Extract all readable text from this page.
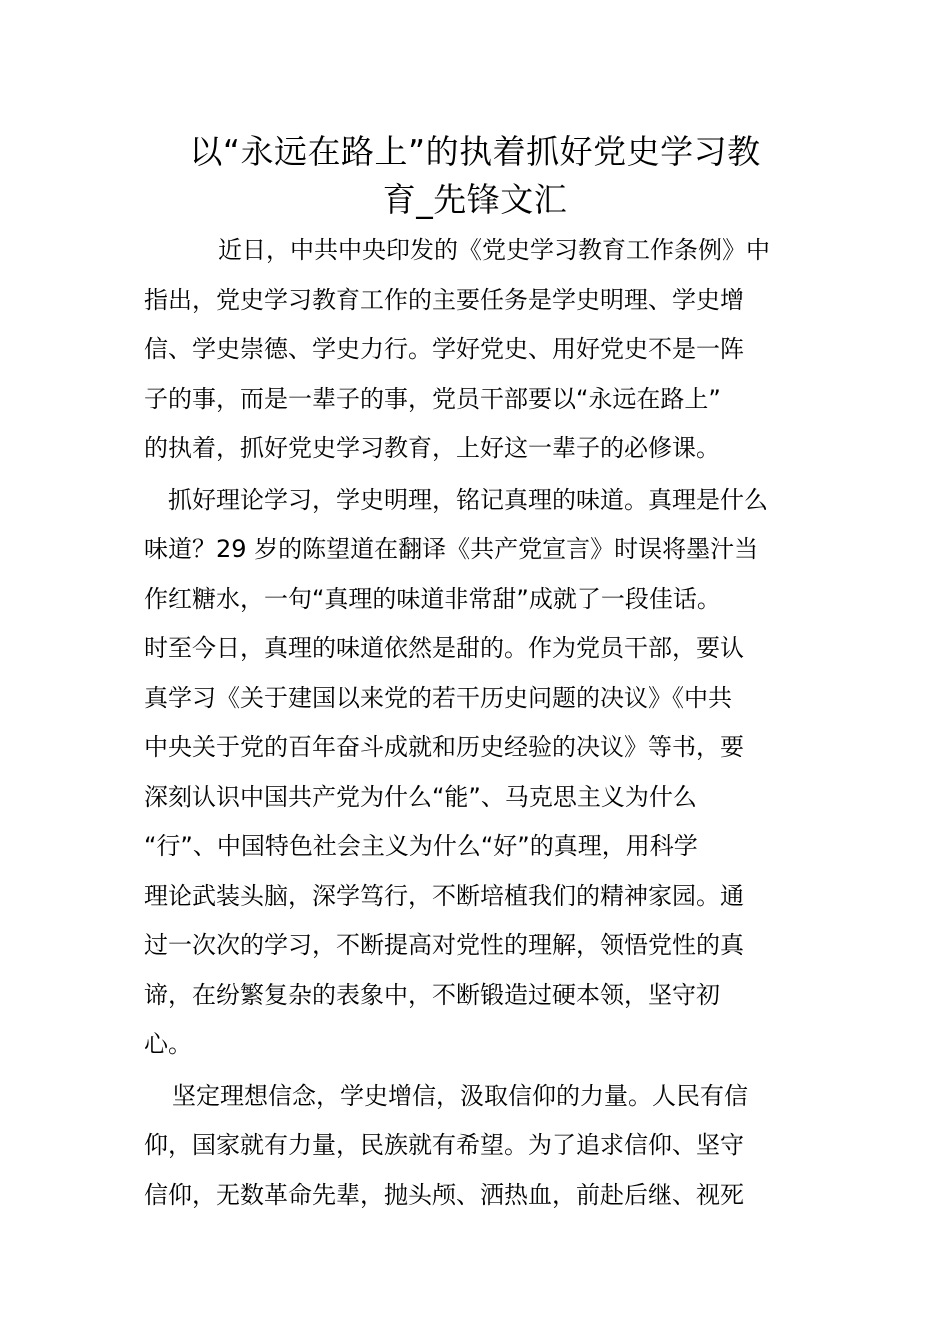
以“永远在路上”的执着抓好党史学习教
育_先锋文汇

近日，中共中央印发的《党史学习教育工作条例》中
指出，党史学习教育工作的主要任务是学史明理、学史增
信、学史崇德、学史力行。学好党史、用好党史不是一阵
子的事，而是一辈子的事，党员干部要以“永远在路上”
的执着，抓好党史学习教育，上好这一辈子的必修课。

抓好理论学习，学史明理，铭记真理的味道。真理是什么
味道？29 岁的陈望道在翻译《共产党宣言》时误将墨汁当
作红糖水，一句“真理的味道非常甜”成就了一段佳话。
时至今日，真理的味道依然是甜的。作为党员干部，要认
真学习《关于建国以来党的若干历史问题的决议》《中共
中央关于党的百年奋斗成就和历史经验的决议》等书，要
深刻认识中国共产党为什么“能”、马克思主义为什么
“行”、中国特色社会主义为什么“好”的真理，用科学
理论武装头脑，深学笃行，不断培植我们的精神家园。通
过一次次的学习，不断提高对党性的理解，领悟党性的真
谛，在纷繁复杂的表象中，不断锻造过硬本领，坚守初
心。

坚定理想信念，学史增信，汲取信仰的力量。人民有信
仰，国家就有力量，民族就有希望。为了追求信仰、坚守
信仰，无数革命先辈，抛头颅、洒热血，前赴后继、视死
